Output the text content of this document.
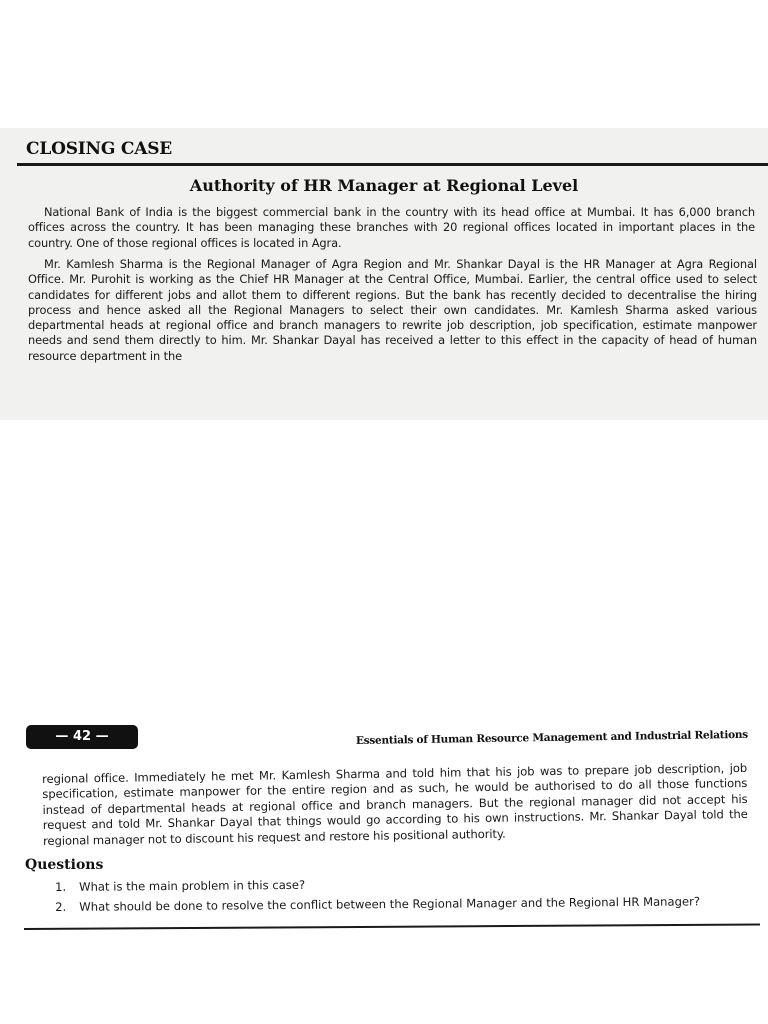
CLOSING CASE
Authority of HR Manager at Regional Level

National Bank of India is the biggest commercial bank in the country with its head office at Mumbai. It has 6,000 branch offices across the country. It has been managing these branches with 20 regional offices located in important places in the country. One of those regional offices is located in Agra.

Mr. Kamlesh Sharma is the Regional Manager of Agra Region and Mr. Shankar Dayal is the HR Manager at Agra Regional Office. Mr. Purohit is working as the Chief HR Manager at the Central Office, Mumbai. Earlier, the central office used to select candidates for different jobs and allot them to different regions. But the bank has recently decided to decentralise the hiring process and hence asked all the Regional Managers to select their own candidates. Mr. Kamlesh Sharma asked various departmental heads at regional office and branch managers to rewrite job description, job specification, estimate manpower needs and send them directly to him. Mr. Shankar Dayal has received a letter to this effect in the capacity of head of human resource department in the

— 42 —	Essentials of Human Resource Management and Industrial Relations

regional office. Immediately he met Mr. Kamlesh Sharma and told him that his job was to prepare job description, job specification, estimate manpower for the entire region and as such, he would be authorised to do all those functions instead of departmental heads at regional office and branch managers. But the regional manager did not accept his request and told Mr. Shankar Dayal that things would go according to his own instructions. Mr. Shankar Dayal told the regional manager not to discount his request and restore his positional authority.

Questions
1. What is the main problem in this case?
2. What should be done to resolve the conflict between the Regional Manager and the Regional HR Manager?
